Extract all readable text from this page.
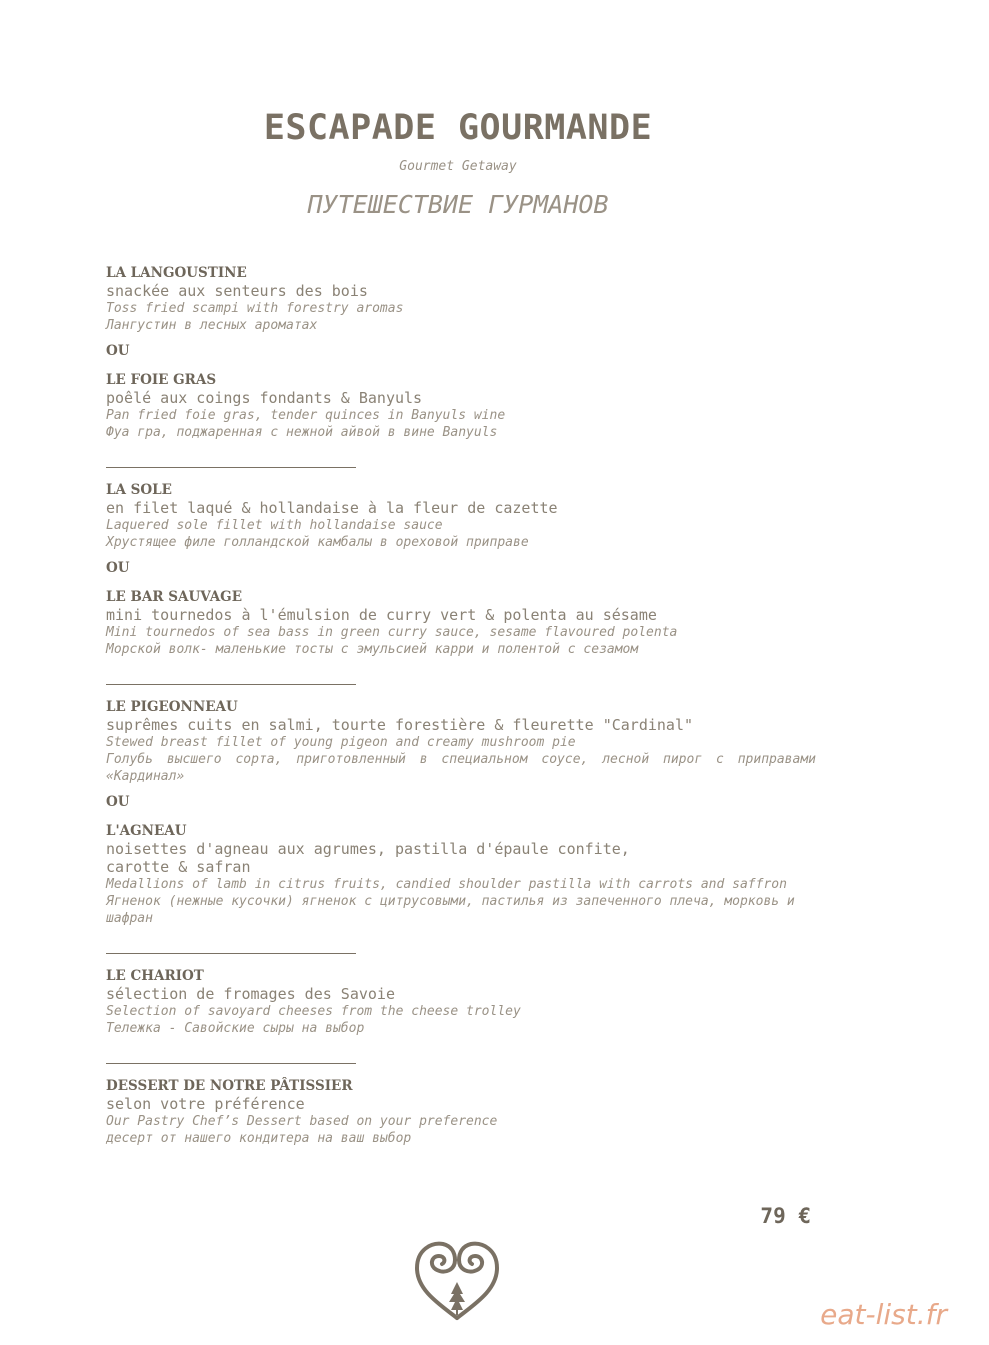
ESCAPADE GOURMANDE

Gourmet Getaway

ПУТЕШЕСТВИЕ ГУРМАНОВ

LA LANGOUSTINE

snackée aux senteurs des bois

Toss fried scampi with forestry aromas

Лангустин в лесных ароматах

OU

LE FOIE GRAS

poêlé aux coings fondants & Banyuls

Pan fried foie gras, tender quinces in Banyuls wine

Фуа гра, поджаренная с нежной айвой в вине Banyuls

LA SOLE

en filet laqué & hollandaise à la fleur de cazette

Laquered sole fillet with hollandaise sauce

Хрустящее филе голландской камбалы в ореховой приправе

OU

LE BAR SAUVAGE

mini tournedos à l'émulsion de curry vert & polenta au sésame

Mini tournedos of sea bass in green curry sauce, sesame flavoured polenta

Морской волк- маленькие тосты с эмульсией карри и полентой с сезамом

LE PIGEONNEAU

suprêmes cuits en salmi, tourte forestière & fleurette "Cardinal"

Stewed breast fillet of young pigeon and creamy mushroom pie

Голубь высшего сорта, приготовленный в специальном соусе, лесной пирог с приправами «Кардинал»

OU

L'AGNEAU

noisettes d'agneau aux agrumes, pastilla d'épaule confite,
carotte & safran

Medallions of lamb in citrus fruits, candied shoulder pastilla with carrots and saffron

Ягненок (нежные кусочки) ягненок с цитрусовыми, пастилья из запеченного плеча, морковь и шафран

LE CHARIOT

sélection de fromages des Savoie

Selection of savoyard cheeses from the cheese trolley

Тележка - Савойские сыры на выбор

DESSERT DE NOTRE PÂTISSIER

selon votre préférence

Our Pastry Chef’s Dessert based on your preference

десерт от нашего кондитера на ваш выбор

79 €
eat-list.fr
